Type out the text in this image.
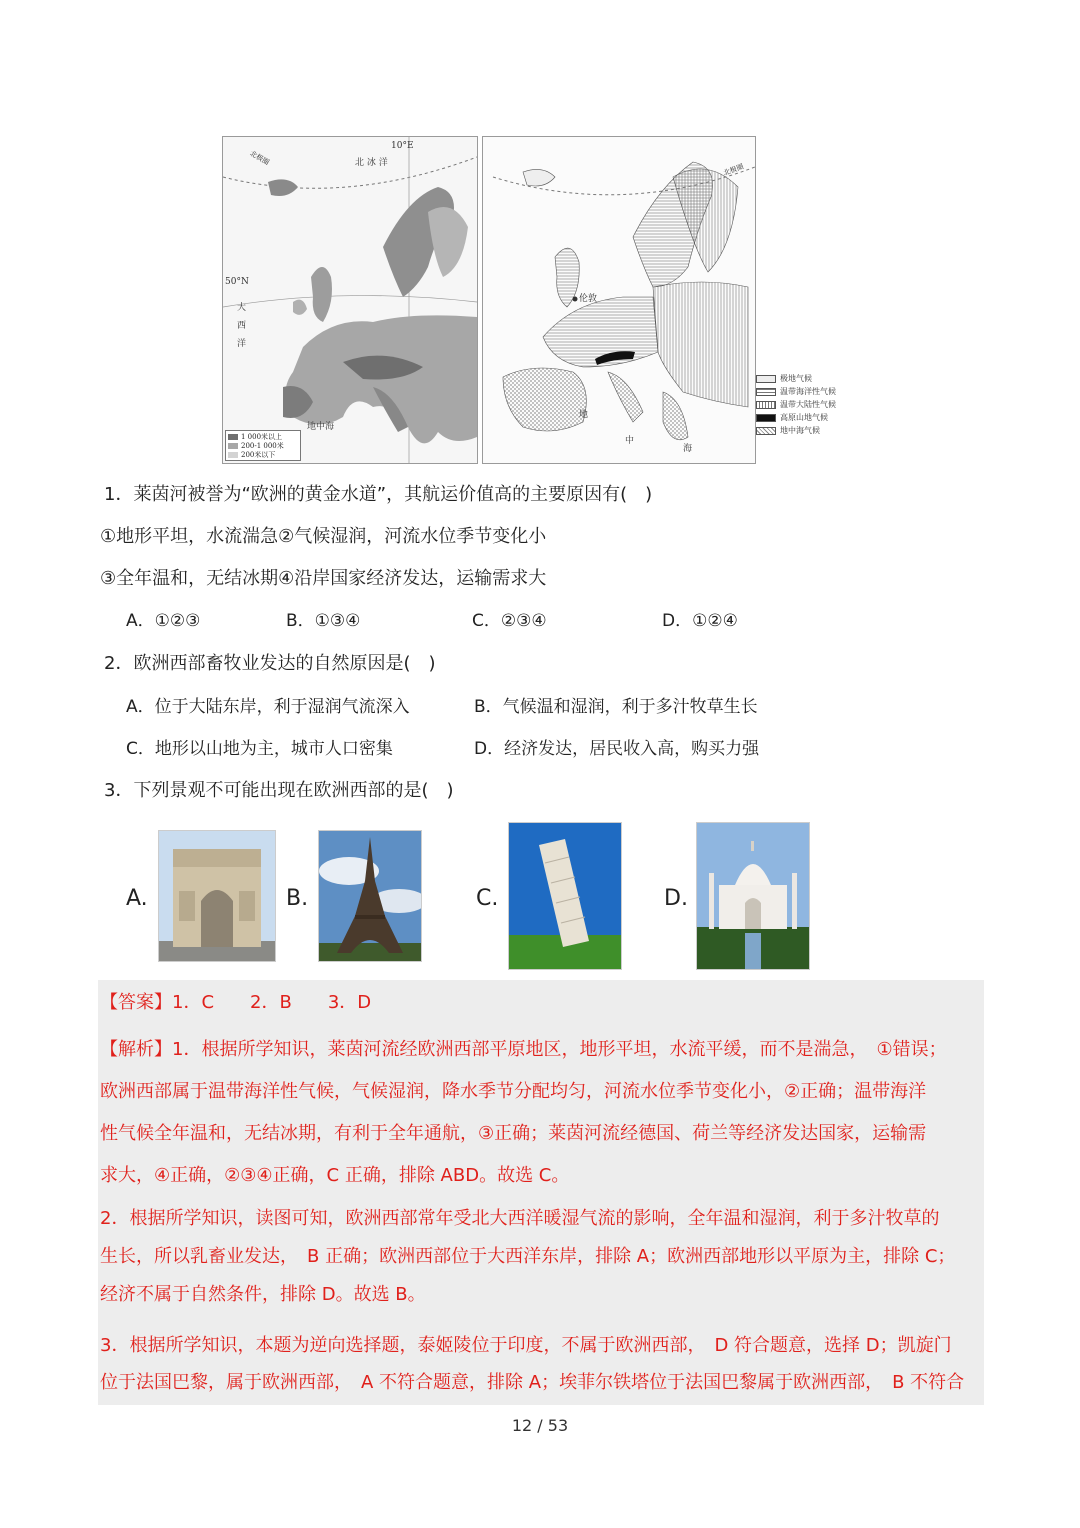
10°E
北 冰 洋
北极圈
50°N
大
西
洋
地中海
1 000米以上
200-1 000米
200米以下
伦敦
北极圈
地
中
海
极地气候
温带海洋性气候
温带大陆性气候
高原山地气候
地中海气候
1．莱茵河被誉为“欧洲的黄金水道”，其航运价值高的主要原因有(　)
①地形平坦，水流湍急②气候湿润，河流水位季节变化小
③全年温和，无结冰期④沿岸国家经济发达，运输需求大
A．①②③	B．①③④	C．②③④	D．①②④
2．欧洲西部畜牧业发达的自然原因是(　)
A．位于大陆东岸，利于湿润气流深入	B．气候温和湿润，利于多汁牧草生长
C．地形以山地为主，城市人口密集	D．经济发达，居民收入高，购买力强
3．下列景观不可能出现在欧洲西部的是(　)
A.	B.	C.	D.
【答案】1．C　　2．B　　3．D
【解析】1．根据所学知识，莱茵河流经欧洲西部平原地区，地形平坦，水流平缓，而不是湍急，　①错误；
欧洲西部属于温带海洋性气候，气候湿润，降水季节分配均匀，河流水位季节变化小，②正确；温带海洋
性气候全年温和，无结冰期，有利于全年通航，③正确；莱茵河流经德国、荷兰等经济发达国家，运输需
求大，④正确，②③④正确，C 正确，排除 ABD。故选 C。
2．根据所学知识，读图可知，欧洲西部常年受北大西洋暖湿气流的影响，全年温和湿润，利于多汁牧草的
生长，所以乳畜业发达，　B 正确；欧洲西部位于大西洋东岸，排除 A；欧洲西部地形以平原为主，排除 C；
经济不属于自然条件，排除 D。故选 B。
3．根据所学知识，本题为逆向选择题，泰姬陵位于印度，不属于欧洲西部，　D 符合题意，选择 D；凯旋门
位于法国巴黎，属于欧洲西部，　A 不符合题意，排除 A；埃菲尔铁塔位于法国巴黎属于欧洲西部，　B 不符合
12 / 53
